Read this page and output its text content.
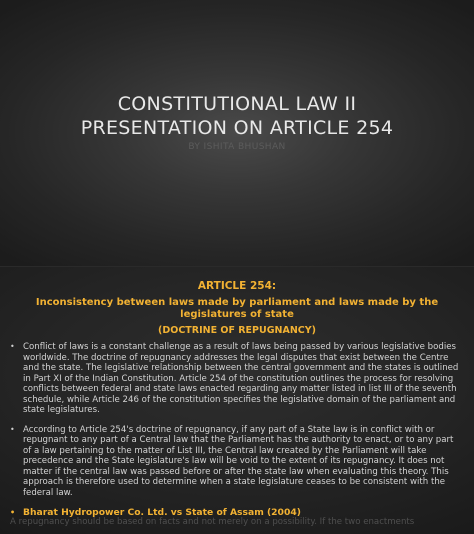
CONSTITUTIONAL LAW II
PRESENTATION ON ARTICLE 254
BY ISHITA BHUSHAN
ARTICLE 254:
Inconsistency between laws made by parliament and laws made by the legislatures of state
(DOCTRINE OF REPUGNANCY)
• Conflict of laws is a constant challenge as a result of laws being passed by various legislative bodies worldwide. The doctrine of repugnancy addresses the legal disputes that exist between the Centre and the state. The legislative relationship between the central government and the states is outlined in Part XI of the Indian Constitution. Article 254 of the constitution outlines the process for resolving conflicts between federal and state laws enacted regarding any matter listed in list III of the seventh schedule, while Article 246 of the constitution specifies the legislative domain of the parliament and state legislatures.
• According to Article 254's doctrine of repugnancy, if any part of a State law is in conflict with or repugnant to any part of a Central law that the Parliament has the authority to enact, or to any part of a law pertaining to the matter of List III, the Central law created by the Parliament will take precedence and the State legislature's law will be void to the extent of its repugnancy. It does not matter if the central law was passed before or after the state law when evaluating this theory. This approach is therefore used to determine when a state legislature ceases to be consistent with the federal law.
• Bharat Hydropower Co. Ltd. vs State of Assam (2004)
A repugnancy should be based on facts and not merely on a possibility. If the two enactments
